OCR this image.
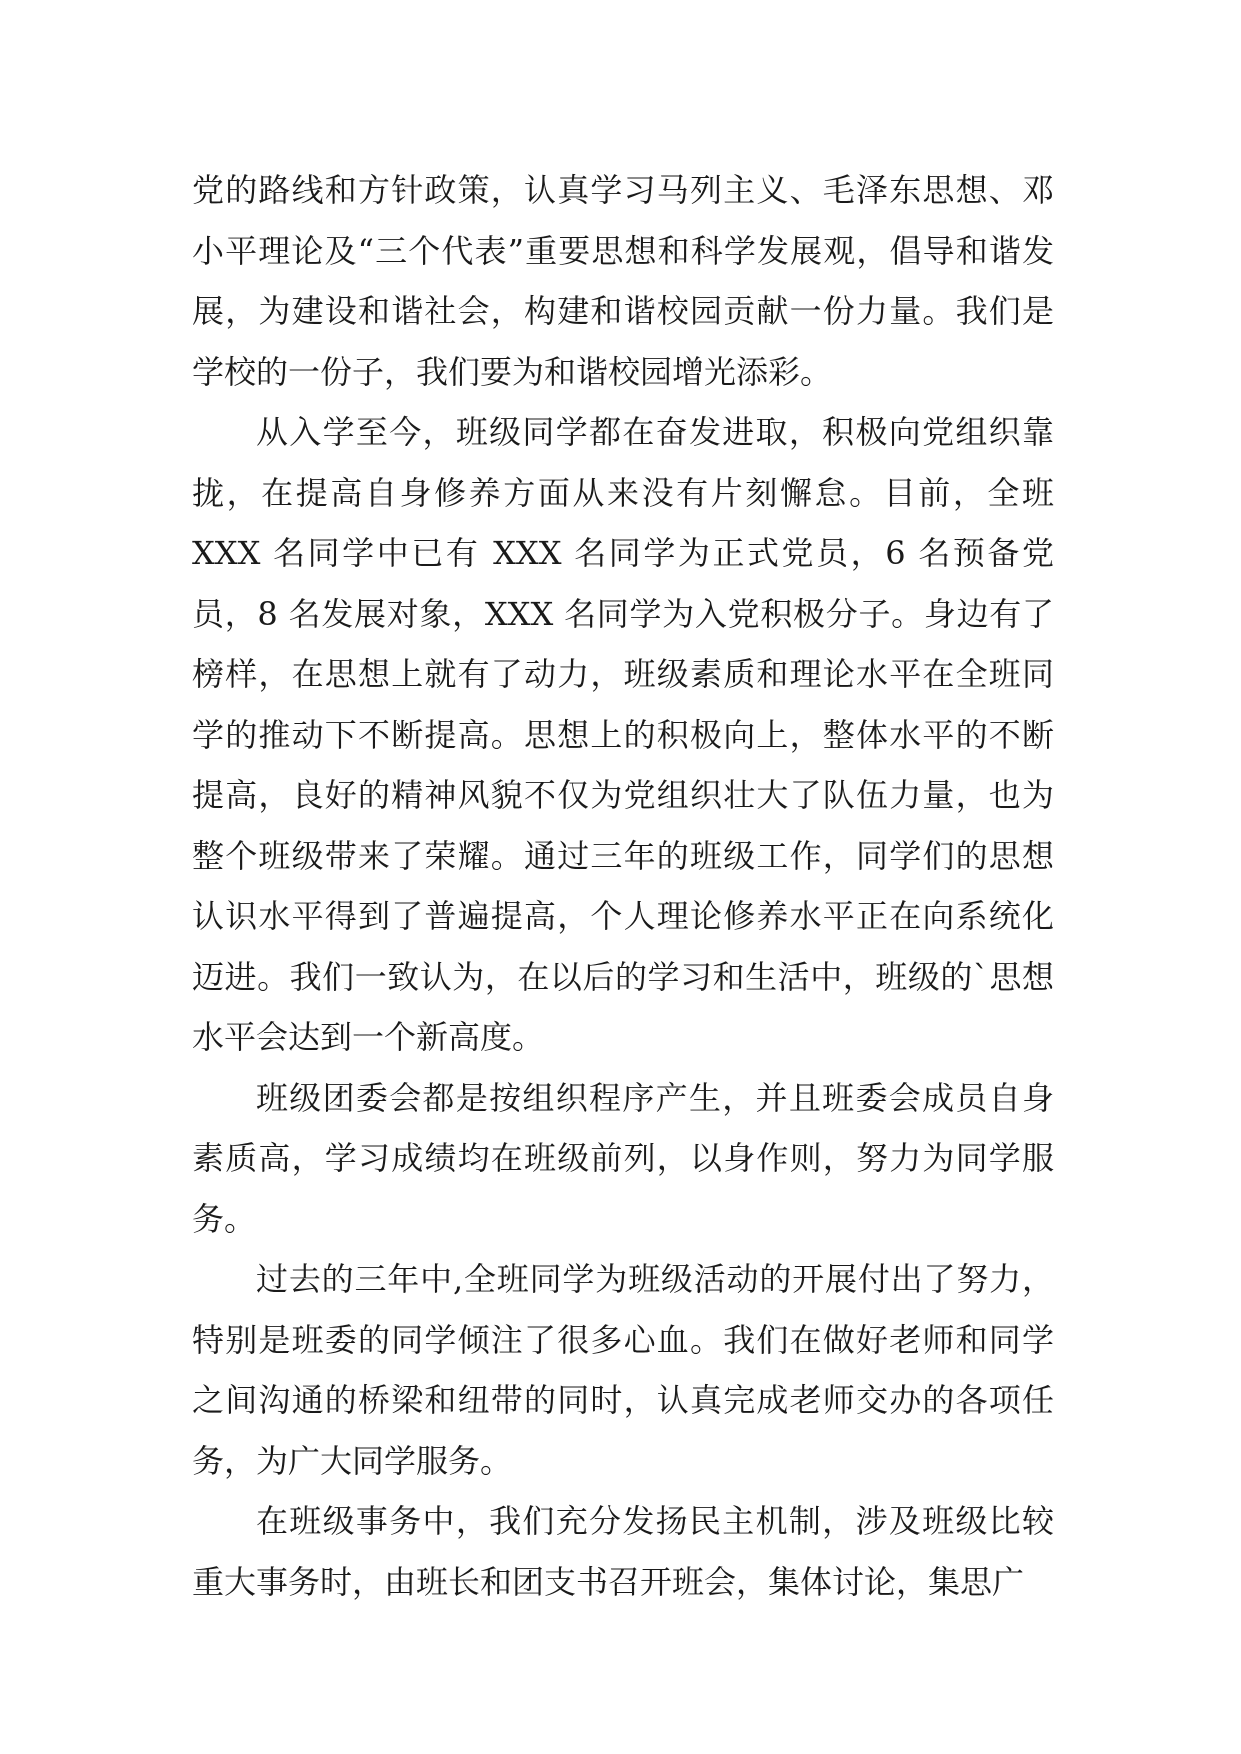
党的路线和方针政策，认真学习马列主义、毛泽东思想、邓小平理论及“三个代表”重要思想和科学发展观，倡导和谐发展，为建设和谐社会，构建和谐校园贡献一份力量。我们是学校的一份子，我们要为和谐校园增光添彩。

从入学至今，班级同学都在奋发进取，积极向党组织靠拢，在提高自身修养方面从来没有片刻懈怠。目前，全班 XXX 名同学中已有 XXX 名同学为正式党员，6 名预备党员，8 名发展对象，XXX 名同学为入党积极分子。身边有了榜样，在思想上就有了动力，班级素质和理论水平在全班同学的推动下不断提高。思想上的积极向上，整体水平的不断提高，良好的精神风貌不仅为党组织壮大了队伍力量，也为整个班级带来了荣耀。通过三年的班级工作，同学们的思想认识水平得到了普遍提高，个人理论修养水平正在向系统化迈进。我们一致认为，在以后的学习和生活中，班级的`思想水平会达到一个新高度。

班级团委会都是按组织程序产生，并且班委会成员自身素质高，学习成绩均在班级前列，以身作则，努力为同学服务。

过去的三年中,全班同学为班级活动的开展付出了努力，特别是班委的同学倾注了很多心血。我们在做好老师和同学之间沟通的桥梁和纽带的同时，认真完成老师交办的各项任务，为广大同学服务。

在班级事务中，我们充分发扬民主机制，涉及班级比较重大事务时，由班长和团支书召开班会，集体讨论，集思广
